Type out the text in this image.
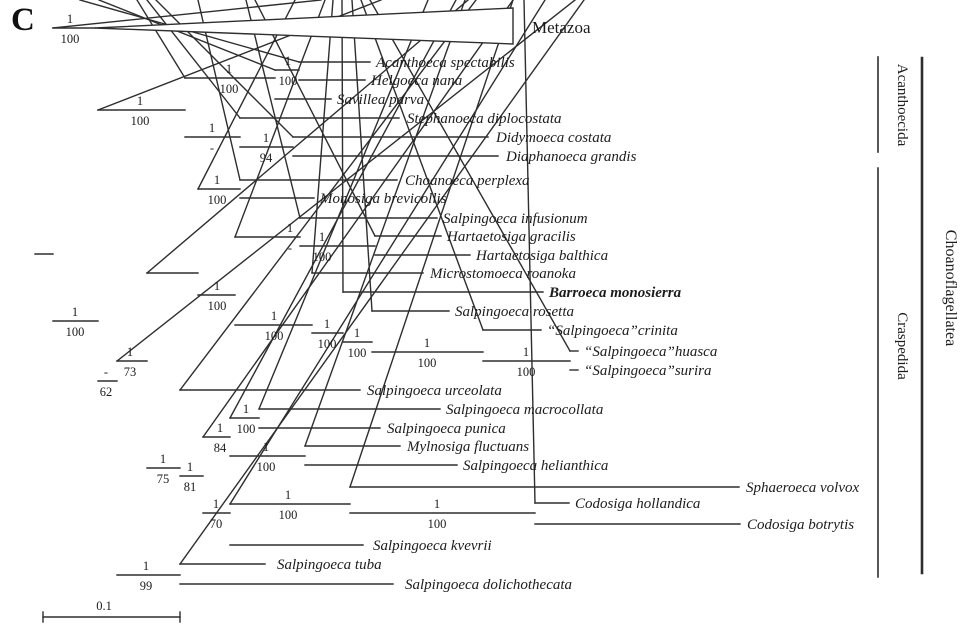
C	1
100
1
100
1
100
1
100
1
100
1
-
1
94
1
100
1
100
1
-
1
100
1
100
1
100
1
100
1
100
1
100
-
62
1
73
1
75
1
81
1
84
1
100
1
100
1
70
1
100
1
100
1
99
Acanthoeca spectabilis
Helgoeca nana
Savillea parva
Stephanoeca diplocostata
Didymoeca costata
Diaphanoeca grandis
Choanoeca perplexa
Monosiga brevicollis
Salpingoeca infusionum
Hartaetosiga gracilis
Hartaetosiga balthica
Microstomoeca roanoka
Barroeca monosierra
Salpingoeca rosetta
“Salpingoeca”crinita
“Salpingoeca”huasca
“Salpingoeca”surira
Salpingoeca urceolata
Salpingoeca macrocollata
Salpingoeca punica
Mylnosiga fluctuans
Salpingoeca helianthica
Sphaeroeca volvox
Codosiga hollandica
Codosiga botrytis
Salpingoeca kvevrii
Salpingoeca tuba
Salpingoeca dolichothecata
Metazoa
Acanthoecida
Craspedida Choanoflagellatea
0.1
